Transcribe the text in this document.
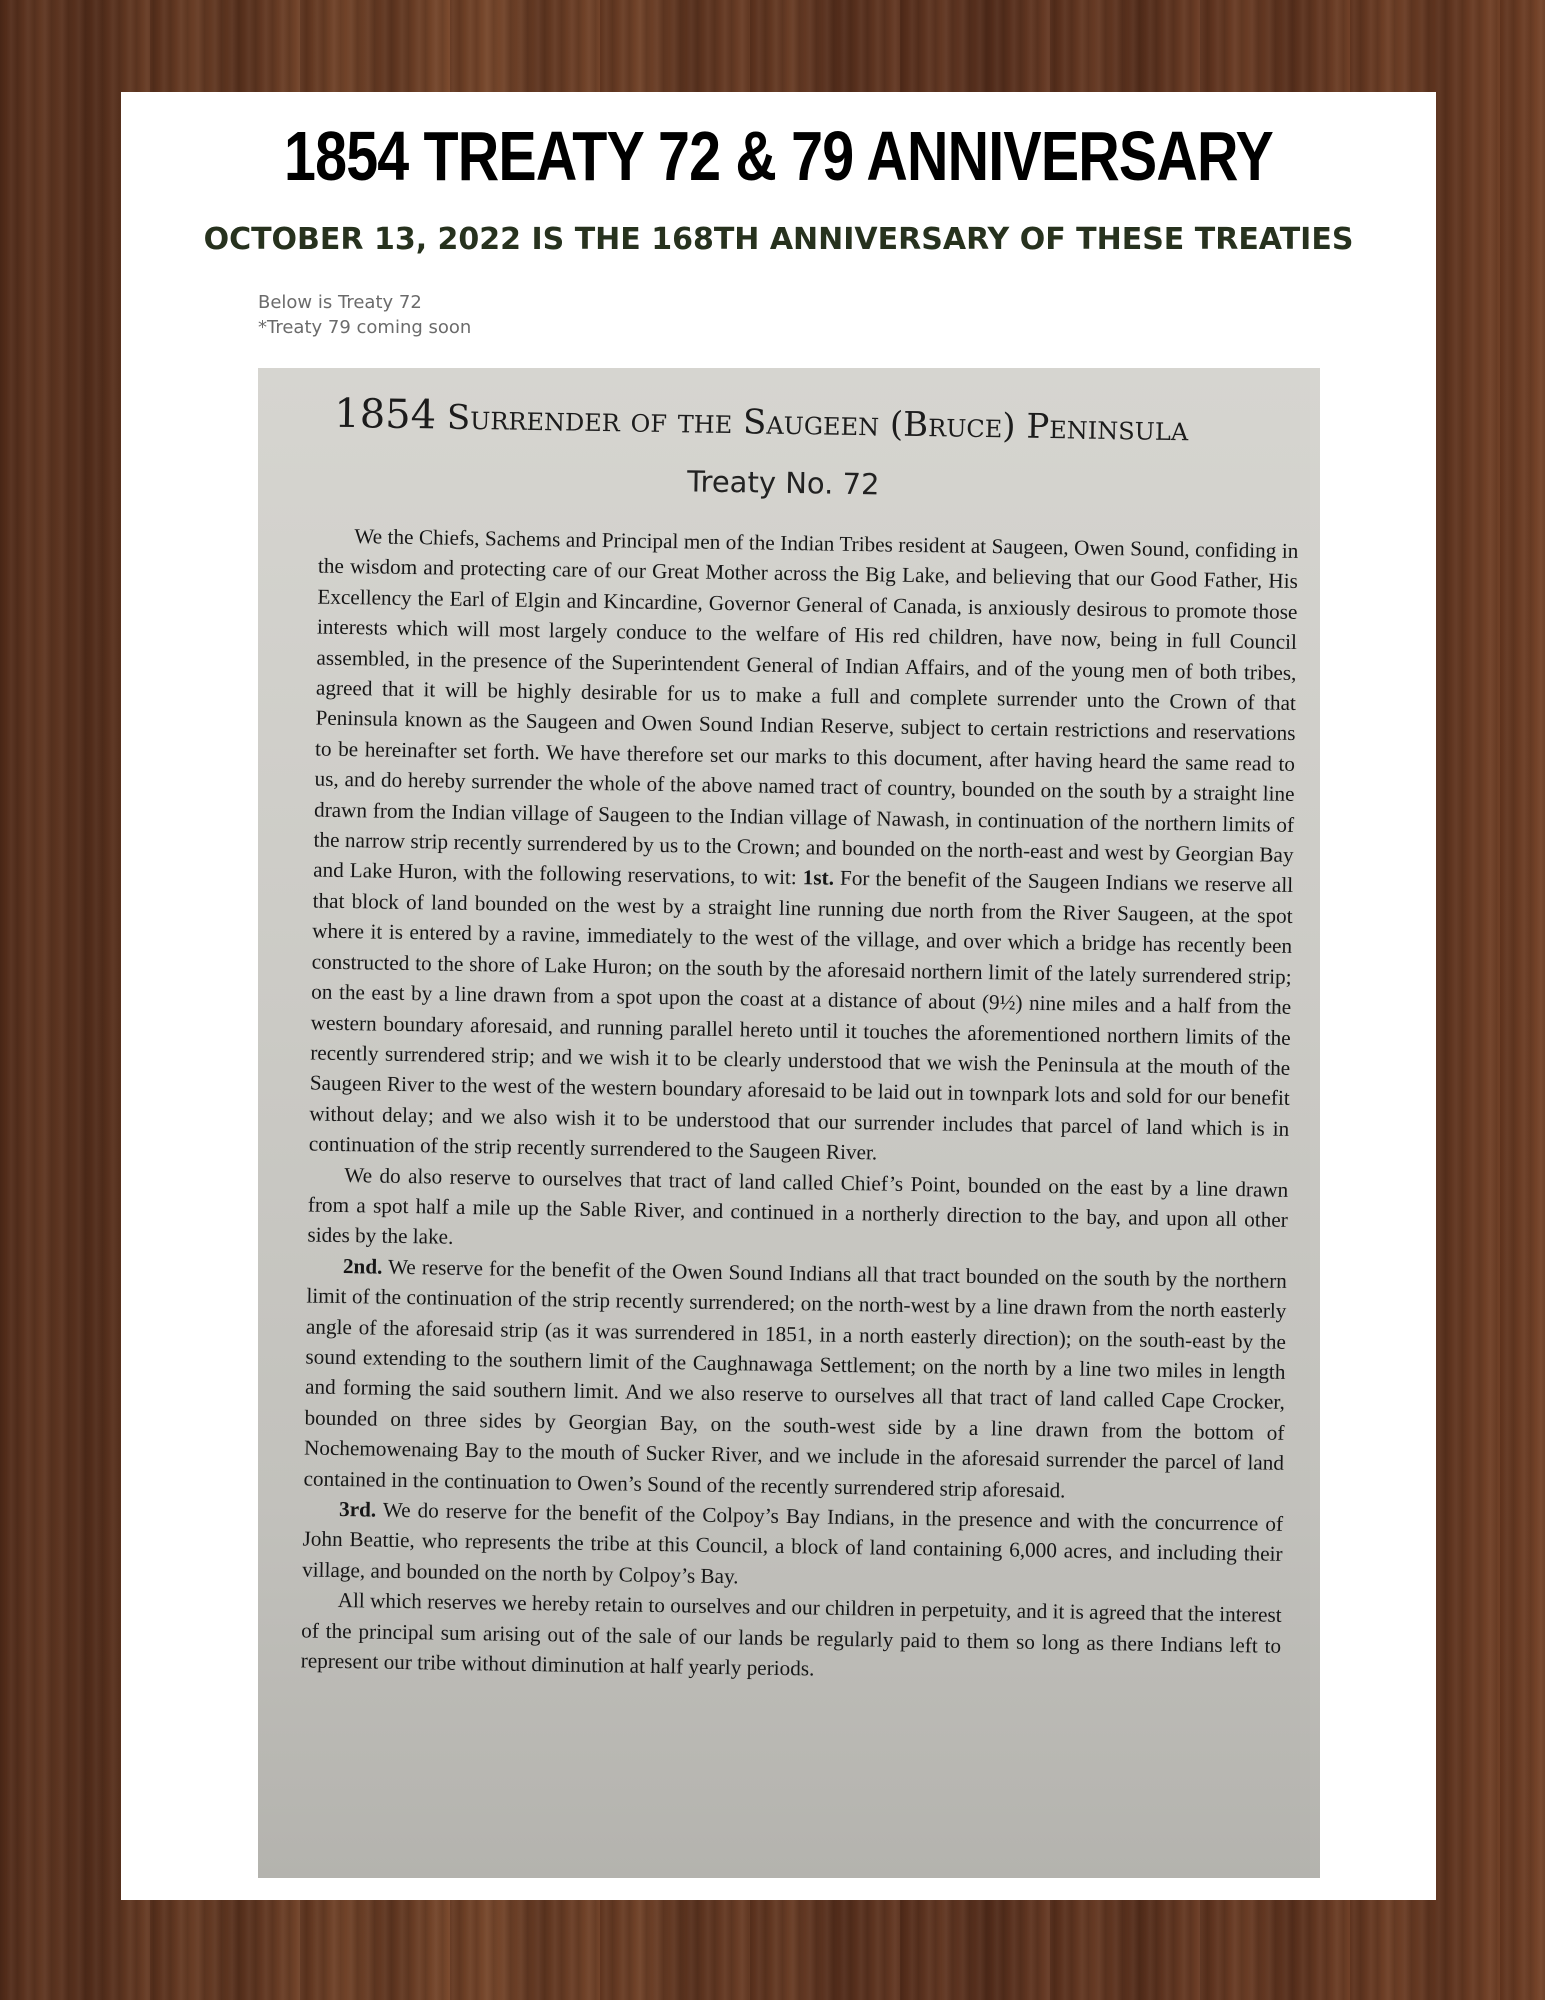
1854 TREATY 72 & 79 ANNIVERSARY
OCTOBER 13, 2022 IS THE 168TH ANNIVERSARY OF THESE TREATIES
Below is Treaty 72
*Treaty 79 coming soon
1854 Surrender of the Saugeen (Bruce) Peninsula
Treaty No. 72

We the Chiefs, Sachems and Principal men of the Indian Tribes resident at Saugeen, Owen Sound, confiding in the wisdom and protecting care of our Great Mother across the Big Lake, and believing that our Good Father, His Excellency the Earl of Elgin and Kincardine, Governor General of Canada, is anxiously desirous to promote those interests which will most largely conduce to the welfare of His red children, have now, being in full Council assembled, in the presence of the Superintendent General of Indian Affairs, and of the young men of both tribes, agreed that it will be highly desirable for us to make a full and complete surrender unto the Crown of that Peninsula known as the Saugeen and Owen Sound Indian Reserve, subject to certain restrictions and reservations to be hereinafter set forth. We have therefore set our marks to this document, after having heard the same read to us, and do hereby surrender the whole of the above named tract of country, bounded on the south by a straight line drawn from the Indian village of Saugeen to the Indian village of Nawash, in continuation of the northern limits of the narrow strip recently surrendered by us to the Crown; and bounded on the north-east and west by Georgian Bay and Lake Huron, with the following reservations, to wit: 1st. For the benefit of the Saugeen Indians we reserve all that block of land bounded on the west by a straight line running due north from the River Saugeen, at the spot where it is entered by a ravine, immediately to the west of the village, and over which a bridge has recently been constructed to the shore of Lake Huron; on the south by the aforesaid northern limit of the lately surrendered strip; on the east by a line drawn from a spot upon the coast at a distance of about (9½) nine miles and a half from the western boundary aforesaid, and running parallel hereto until it touches the aforementioned northern limits of the recently surrendered strip; and we wish it to be clearly understood that we wish the Peninsula at the mouth of the Saugeen River to the west of the western boundary aforesaid to be laid out in townpark lots and sold for our benefit without delay; and we also wish it to be understood that our surrender includes that parcel of land which is in continuation of the strip recently surrendered to the Saugeen River.

We do also reserve to ourselves that tract of land called Chief’s Point, bounded on the east by a line drawn from a spot half a mile up the Sable River, and continued in a northerly direction to the bay, and upon all other sides by the lake.

2nd. We reserve for the benefit of the Owen Sound Indians all that tract bounded on the south by the northern limit of the continuation of the strip recently surrendered; on the north-west by a line drawn from the north easterly angle of the aforesaid strip (as it was surrendered in 1851, in a north easterly direction); on the south-east by the sound extending to the southern limit of the Caughnawaga Settlement; on the north by a line two miles in length and forming the said southern limit. And we also reserve to ourselves all that tract of land called Cape Crocker, bounded on three sides by Georgian Bay, on the south-west side by a line drawn from the bottom of Nochemowenaing Bay to the mouth of Sucker River, and we include in the aforesaid surrender the parcel of land contained in the continuation to Owen’s Sound of the recently surrendered strip aforesaid.

3rd. We do reserve for the benefit of the Colpoy’s Bay Indians, in the presence and with the concurrence of John Beattie, who represents the tribe at this Council, a block of land containing 6,000 acres, and including their village, and bounded on the north by Colpoy’s Bay.

All which reserves we hereby retain to ourselves and our children in perpetuity, and it is agreed that the interest of the principal sum arising out of the sale of our lands be regularly paid to them so long as there Indians left to represent our tribe without diminution at half yearly periods.
